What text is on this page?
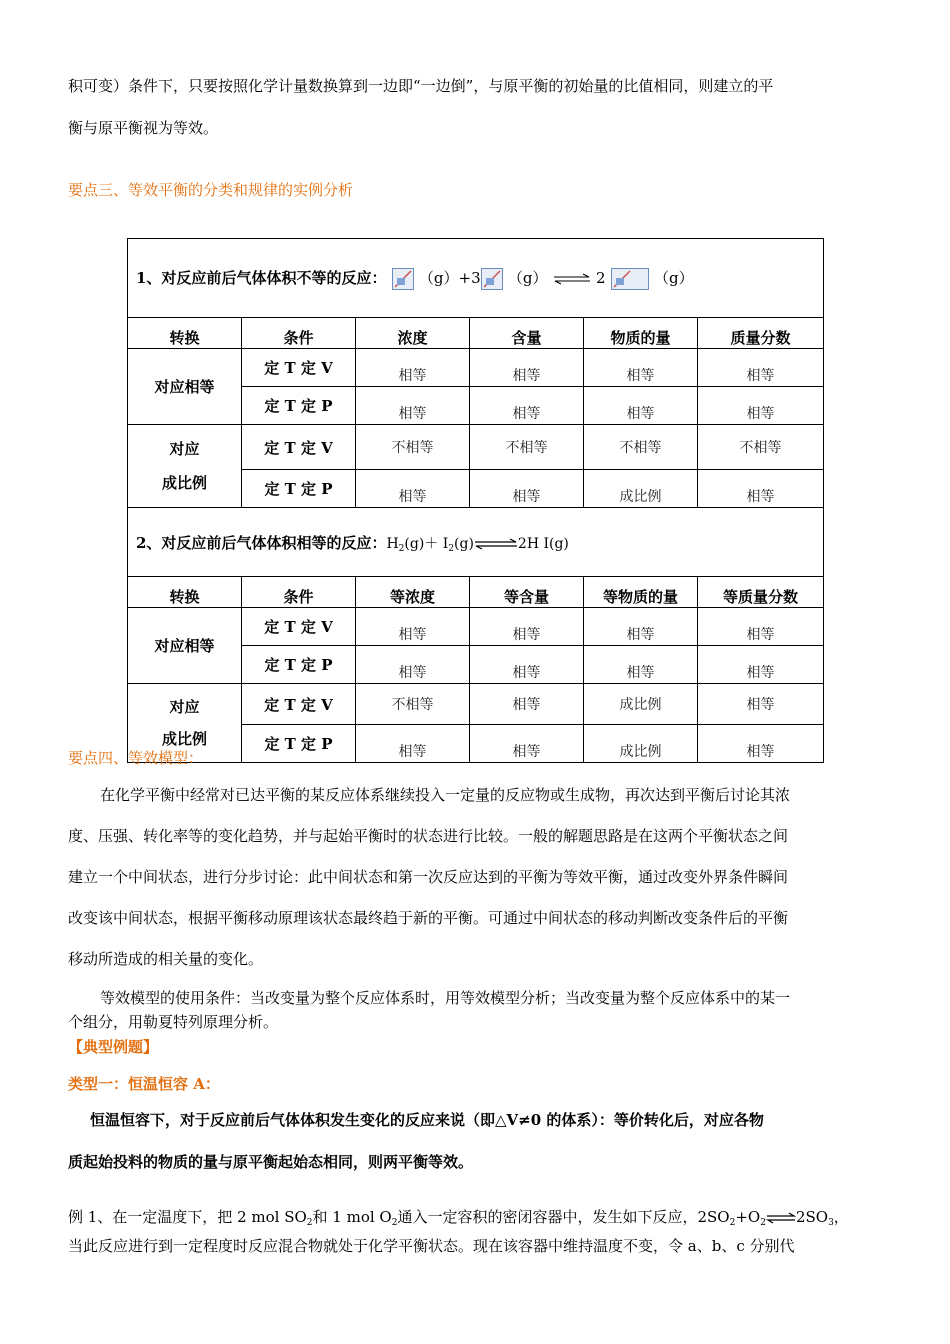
积可变）条件下，只要按照化学计量数换算到一边即“一边倒”，与原平衡的初始量的比值相同，则建立的平
衡与原平衡视为等效。
要点三、等效平衡的分类和规律的实例分析
1、对反应前后气体体积不等的反应： （g）+3 （g） ⇌ 2 （g）					
转换	条件	浓度	含量	物质的量	质量分数
对应相等	定 T 定 V	相等	相等	相等	相等
	定 T 定 P	相等	相等	相等	相等

对应
成比例	定 T 定 V	不相等	不相等	不相等	不相等
	定 T 定 P	相等	相等	成比例	相等
2、对反应前后气体体积相等的反应：$H_2(g)+$ $I_2(g)\rightleftharpoons 2H$ I(g)					
转换	条件	等浓度	等含量	等物质的量	等质量分数
对应相等	定 T 定 V	相等	相等	相等	相等
	定 T 定 P	相等	相等	相等	相等

对应
成比例	定 T 定 V	不相等	相等	成比例	相等
	定 T 定 P	相等	相等	成比例	相等
要点四、等效模型：
在化学平衡中经常对已达平衡的某反应体系继续投入一定量的反应物或生成物，再次达到平衡后讨论其浓
度、压强、转化率等的变化趋势，并与起始平衡时的状态进行比较。一般的解题思路是在这两个平衡状态之间
建立一个中间状态，进行分步讨论：此中间状态和第一次反应达到的平衡为等效平衡，通过改变外界条件瞬间
改变该中间状态，根据平衡移动原理该状态最终趋于新的平衡。可通过中间状态的移动判断改变条件后的平衡
移动所造成的相关量的变化。
等效模型的使用条件：当改变量为整个反应体系时，用等效模型分析；当改变量为整个反应体系中的某一
个组分，用勒夏特列原理分析。
【典型例题】
类型一：恒温恒容 A：
恒温恒容下，对于反应前后气体体积发生变化的反应来说（即△V≠0 的体系）：等价转化后，对应各物
质起始投料的物质的量与原平衡起始态相同，则两平衡等效。
例 1、在一定温度下，把 2 mol $SO_2$和 1 mol $O_2$通入一定容积的密闭容器中，发生如下反应，$2SO_2+O_2\rightleftharpoons 2SO_3$，
当此反应进行到一定程度时反应混合物就处于化学平衡状态。现在该容器中维持温度不变，令 a、b、c 分别代
